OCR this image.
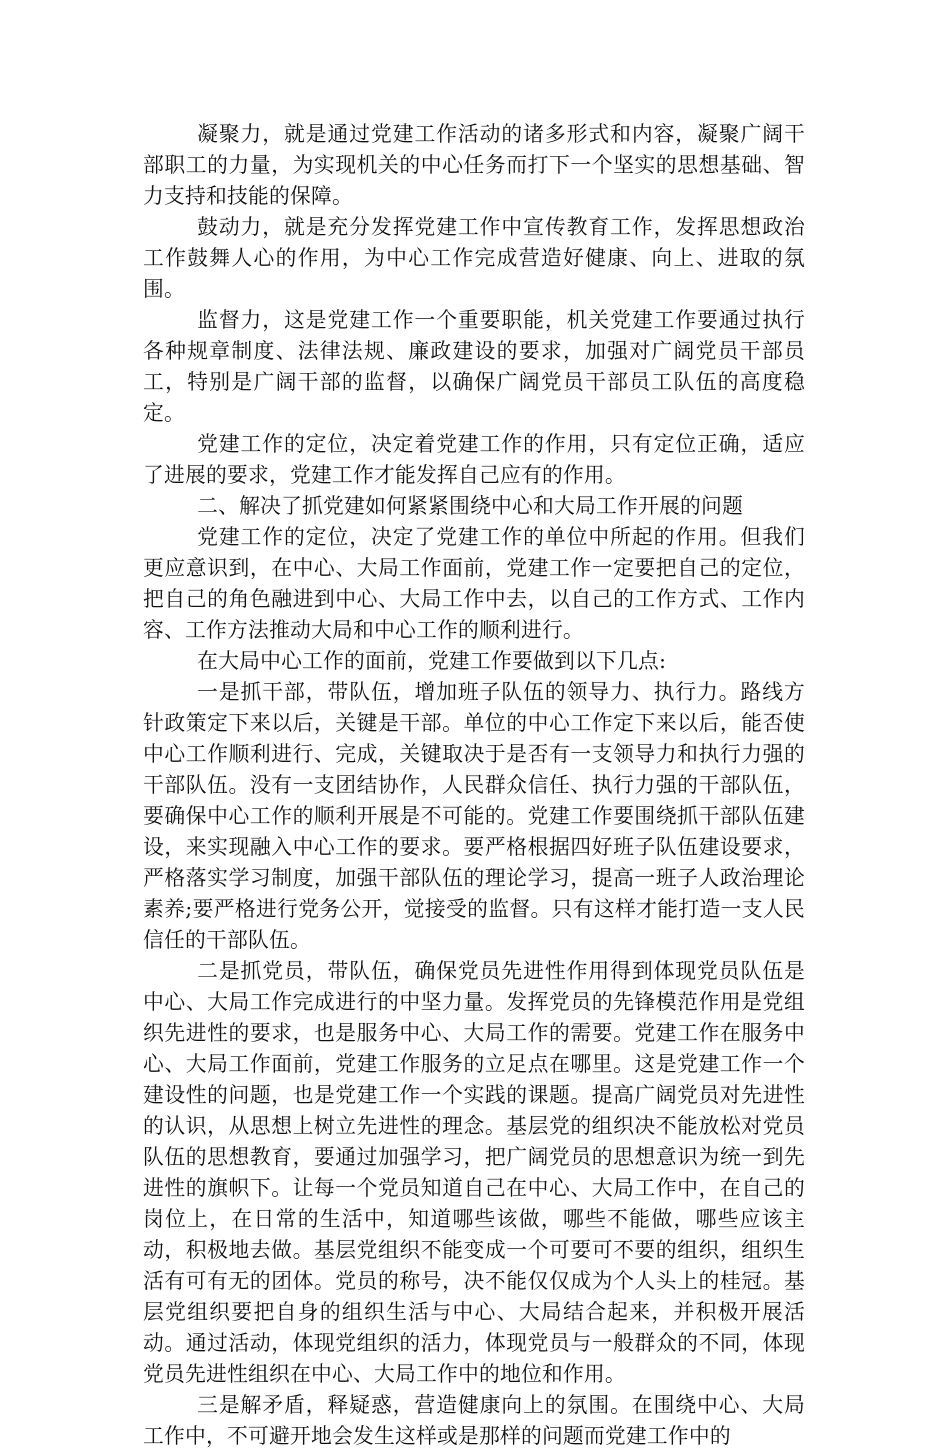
凝聚力，就是通过党建工作活动的诸多形式和内容，凝聚广阔干部职工的力量，为实现机关的中心任务而打下一个坚实的思想基础、智力支持和技能的保障。

鼓动力，就是充分发挥党建工作中宣传教育工作，发挥思想政治工作鼓舞人心的作用，为中心工作完成营造好健康、向上、进取的氛围。

监督力，这是党建工作一个重要职能，机关党建工作要通过执行各种规章制度、法律法规、廉政建设的要求，加强对广阔党员干部员工，特别是广阔干部的监督，以确保广阔党员干部员工队伍的高度稳定。

党建工作的定位，决定着党建工作的作用，只有定位正确，适应了进展的要求，党建工作才能发挥自己应有的作用。

二、解决了抓党建如何紧紧围绕中心和大局工作开展的问题

党建工作的定位，决定了党建工作的单位中所起的作用。但我们更应意识到，在中心、大局工作面前，党建工作一定要把自己的定位，把自己的角色融进到中心、大局工作中去，以自己的工作方式、工作内容、工作方法推动大局和中心工作的顺利进行。

在大局中心工作的面前，党建工作要做到以下几点:

一是抓干部，带队伍，增加班子队伍的领导力、执行力。路线方针政策定下来以后，关键是干部。单位的中心工作定下来以后，能否使中心工作顺利进行、完成，关键取决于是否有一支领导力和执行力强的干部队伍。没有一支团结协作，人民群众信任、执行力强的干部队伍，要确保中心工作的顺利开展是不可能的。党建工作要围绕抓干部队伍建设，来实现融入中心工作的要求。要严格根据四好班子队伍建设要求，严格落实学习制度，加强干部队伍的理论学习，提高一班子人政治理论素养;要严格进行党务公开，觉接受的监督。只有这样才能打造一支人民信任的干部队伍。

二是抓党员，带队伍，确保党员先进性作用得到体现党员队伍是中心、大局工作完成进行的中坚力量。发挥党员的先锋模范作用是党组织先进性的要求，也是服务中心、大局工作的需要。党建工作在服务中心、大局工作面前，党建工作服务的立足点在哪里。这是党建工作一个建设性的问题，也是党建工作一个实践的课题。提高广阔党员对先进性的认识，从思想上树立先进性的理念。基层党的组织决不能放松对党员队伍的思想教育，要通过加强学习，把广阔党员的思想意识为统一到先进性的旗帜下。让每一个党员知道自己在中心、大局工作中，在自己的岗位上，在日常的生活中，知道哪些该做，哪些不能做，哪些应该主动，积极地去做。基层党组织不能变成一个可要可不要的组织，组织生活有可有无的团体。党员的称号，决不能仅仅成为个人头上的桂冠。基层党组织要把自身的组织生活与中心、大局结合起来，并积极开展活动。通过活动，体现党组织的活力，体现党员与一般群众的不同，体现党员先进性组织在中心、大局工作中的地位和作用。

三是解矛盾，释疑惑，营造健康向上的氛围。在围绕中心、大局工作中，不可避开地会发生这样或是那样的问题而党建工作中的
